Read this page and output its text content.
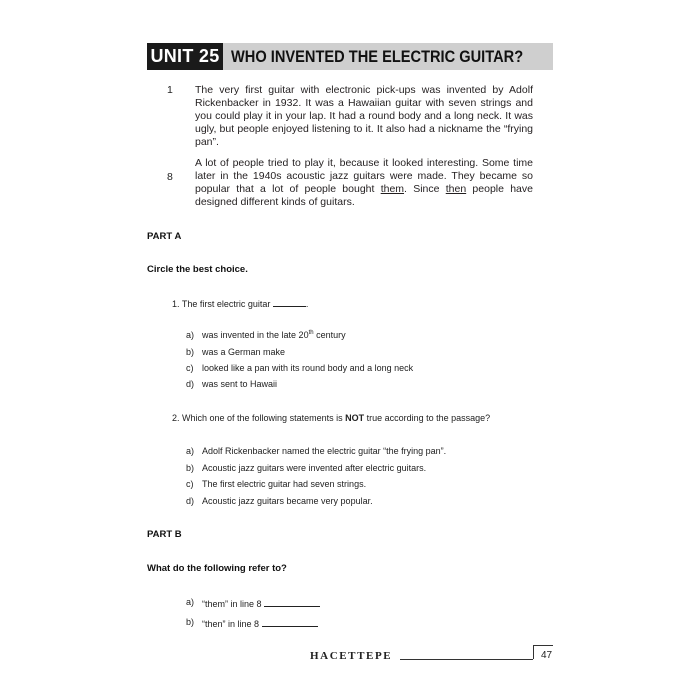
UNIT 25 WHO INVENTED THE ELECTRIC GUITAR?
1 The very first guitar with electronic pick-ups was invented by Adolf Rickenbacker in 1932. It was a Hawaiian guitar with seven strings and you could play it in your lap. It had a round body and a long neck. It was ugly, but people enjoyed listening to it. It also had a nickname the “frying pan”.

8

A lot of people tried to play it, because it looked interesting. Some time later in the 1940s acoustic jazz guitars were made. They became so popular that a lot of people bought them. Since then people have designed different kinds of guitars.

PART A
Circle the best choice.
1. The first electric guitar	.
a) was invented in the late 20th century
b) was a German make
c) looked like a pan with its round body and a long neck
d) was sent to Hawaii
2. Which one of the following statements is NOT true according to the passage?
a) Adolf Rickenbacker named the electric guitar “the frying pan”.
b) Acoustic jazz guitars were invented after electric guitars.
c) The first electric guitar had seven strings.
d) Acoustic jazz guitars became very popular.
PART B
What do the following refer to?
a) “them” in line 8
b) “then” in line 8
HACETTEPE	47
